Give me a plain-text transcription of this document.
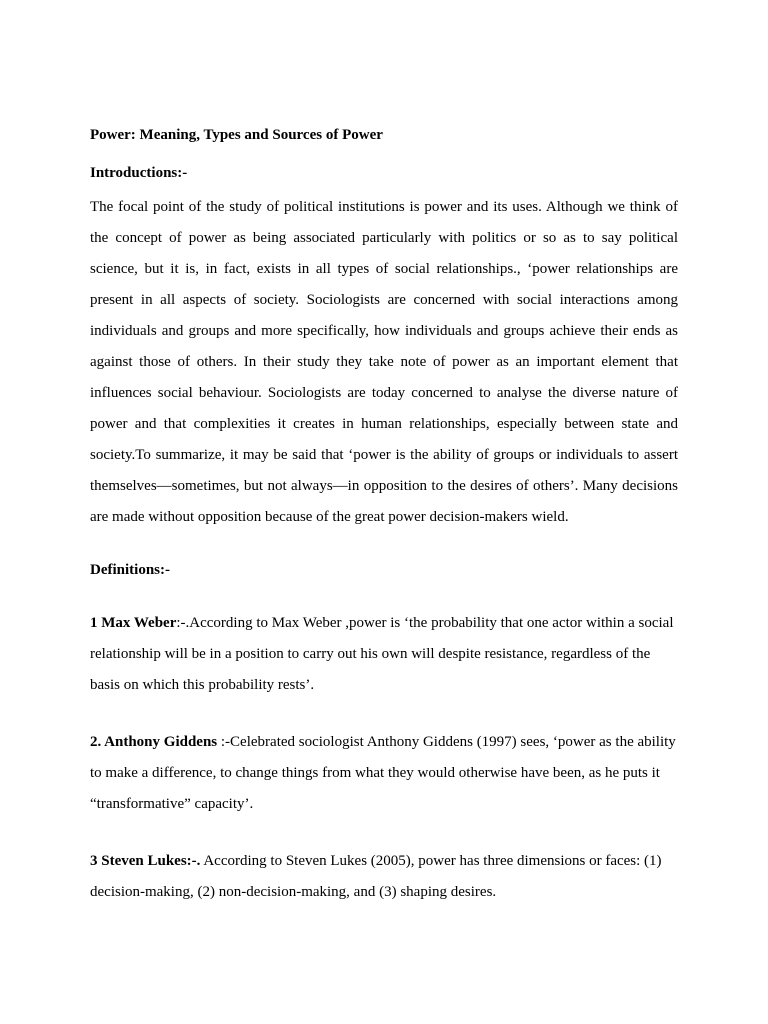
Power: Meaning, Types and Sources of Power

Introductions:-

The focal point of the study of political institutions is power and its uses. Although we think of the concept of power as being associated particularly with politics or so as to say political science, but it is, in fact, exists in all types of social relationships., ‘power relationships are present in all aspects of society. Sociologists are concerned with social interactions among individuals and groups and more specifically, how individuals and groups achieve their ends as against those of others. In their study they take note of power as an important element that influences social behaviour. Sociologists are today concerned to analyse the diverse nature of power and that complexities it creates in human relationships, especially between state and society.To summarize, it may be said that ‘power is the ability of groups or individuals to assert themselves—sometimes, but not always—in opposition to the desires of others’. Many decisions are made without opposition because of the great power decision-makers wield.

Definitions:-

1 Max Weber:-.According to Max Weber ,power is ‘the probability that one actor within a social relationship will be in a position to carry out his own will despite resistance, regardless of the basis on which this probability rests’.

2. Anthony Giddens :-Celebrated sociologist Anthony Giddens (1997) sees, ‘power as the ability to make a difference, to change things from what they would otherwise have been, as he puts it “transformative” capacity’.

3 Steven Lukes:-. According to Steven Lukes (2005), power has three dimensions or faces: (1) decision-making, (2) non-decision-making, and (3) shaping desires.
